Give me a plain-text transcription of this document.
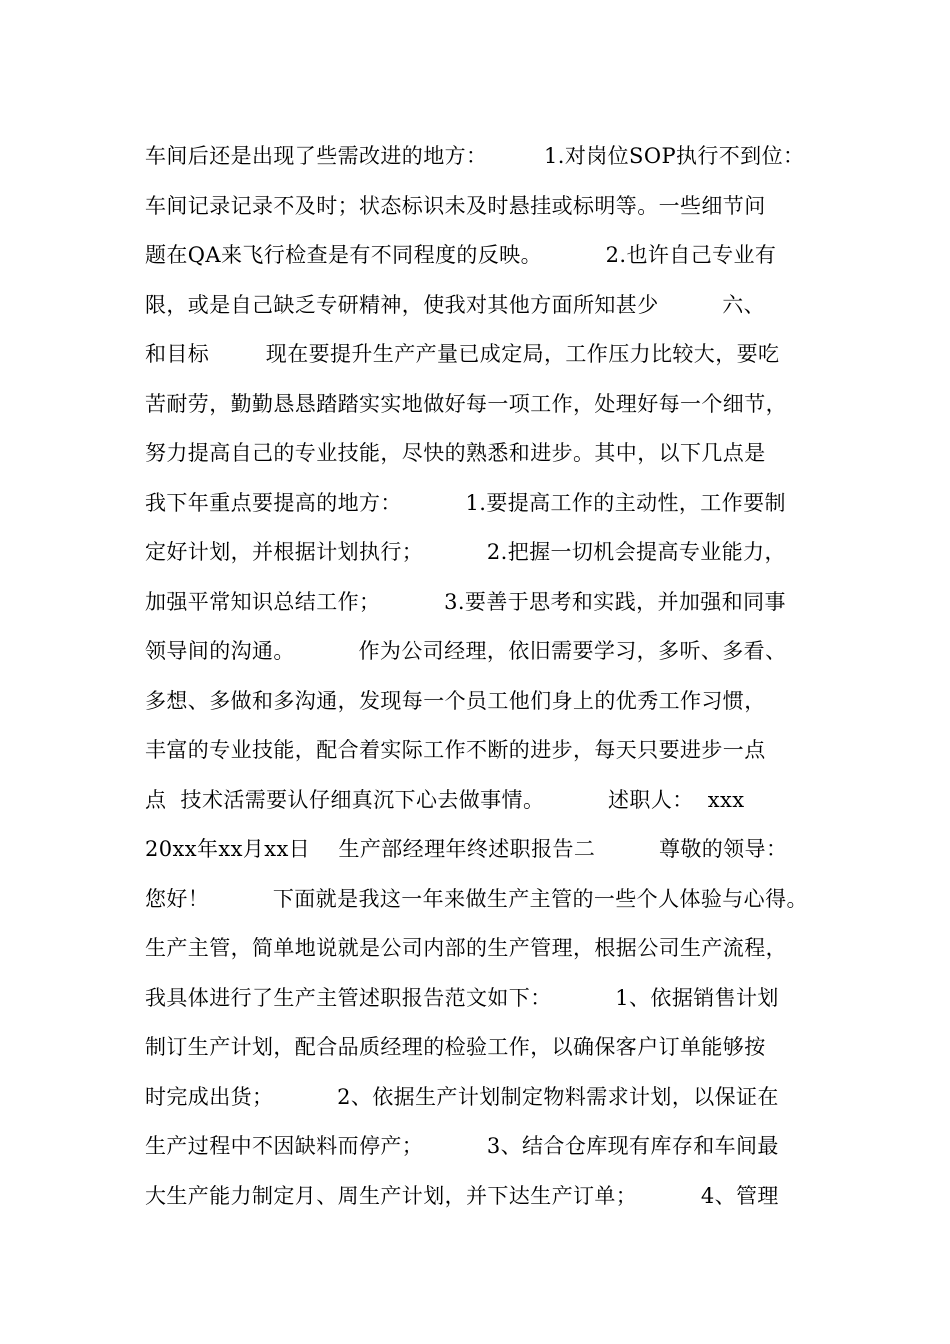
车间后还是出现了些需改进的地方：        1.对岗位SOP执行不到位：
车间记录记录不及时；状态标识未及时悬挂或标明等。一些细节问
题在QA来飞行检查是有不同程度的反映。         2.也许自己专业有
限，或是自己缺乏专研精神，使我对其他方面所知甚少         六、
和目标        现在要提升生产产量已成定局，工作压力比较大，要吃
苦耐劳，勤勤恳恳踏踏实实地做好每一项工作，处理好每一个细节，
努力提高自己的专业技能，尽快的熟悉和进步。其中，以下几点是
我下年重点要提高的地方：         1.要提高工作的主动性，工作要制
定好计划，并根据计划执行；         2.把握一切机会提高专业能力，
加强平常知识总结工作；         3.要善于思考和实践，并加强和同事
领导间的沟通。         作为公司经理，依旧需要学习，多听、多看、
多想、多做和多沟通，发现每一个员工他们身上的优秀工作习惯，
丰富的专业技能，配合着实际工作不断的进步，每天只要进步一点
点  技术活需要认仔细真沉下心去做事情。         述职人：  xxx
20xx年xx月xx日    生产部经理年终述职报告二         尊敬的领导：
您好！         下面就是我这一年来做生产主管的一些个人体验与心得。
生产主管，简单地说就是公司内部的生产管理，根据公司生产流程，
我具体进行了生产主管述职报告范文如下：         1、依据销售计划
制订生产计划，配合品质经理的检验工作，以确保客户订单能够按
时完成出货；         2、依据生产计划制定物料需求计划，以保证在
生产过程中不因缺料而停产；         3、结合仓库现有库存和车间最
大生产能力制定月、周生产计划，并下达生产订单；         4、管理
